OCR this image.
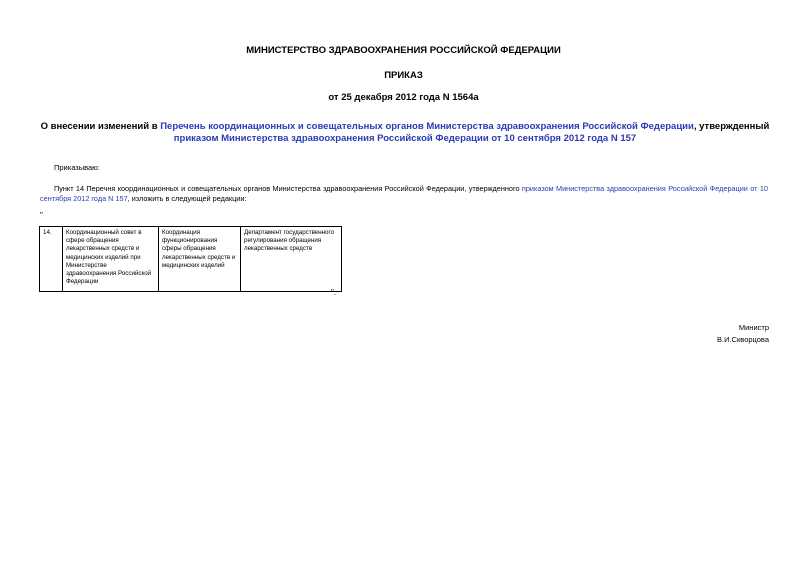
МИНИСТЕРСТВО ЗДРАВООХРАНЕНИЯ РОССИЙСКОЙ ФЕДЕРАЦИИ
ПРИКАЗ
от 25 декабря 2012 года N 1564а
О внесении изменений в Перечень координационных и совещательных органов Министерства здравоохранения Российской Федерации, утвержденный приказом Министерства здравоохранения Российской Федерации от 10 сентября 2012 года N 157
Приказываю:
Пункт 14 Перечня координационных и совещательных органов Министерства здравоохранения Российской Федерации, утвержденного приказом Министерства здравоохранения Российской Федерации от 10 сентября 2012 года N 157, изложить в следующей редакции:
"
14.	Координационный совет в сфере обращения лекарственных средств и медицинских изделий при Министерстве здравоохранения Российской Федерации	Координация функционирования сферы обращения лекарственных средств и медицинских изделий	Департамент государственного регулирования обращения лекарственных средств
".
Министр
В.И.Скворцова
